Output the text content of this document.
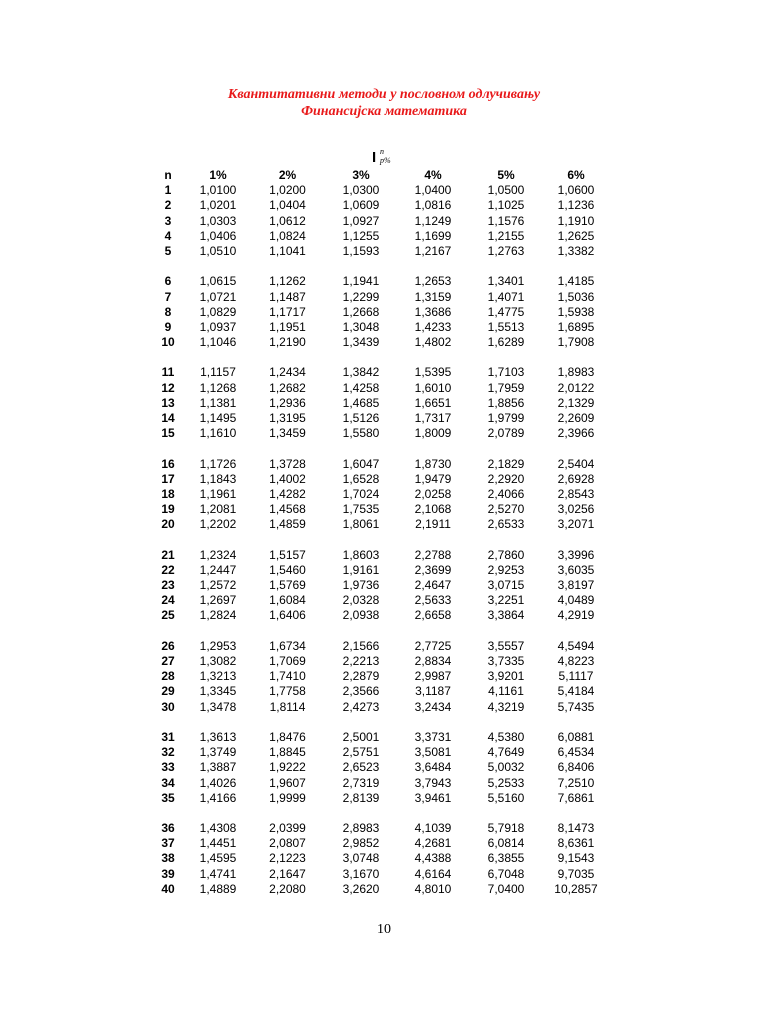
Квантитативни методи у пословном одлучивању
Финансијска математика
I n
p%
n	1%	2%	3%	4%	5%	6%
1	1,0100	1,0200	1,0300	1,0400	1,0500	1,0600
2	1,0201	1,0404	1,0609	1,0816	1,1025	1,1236
3	1,0303	1,0612	1,0927	1,1249	1,1576	1,1910
4	1,0406	1,0824	1,1255	1,1699	1,2155	1,2625
5	1,0510	1,1041	1,1593	1,2167	1,2763	1,3382
6	1,0615	1,1262	1,1941	1,2653	1,3401	1,4185
7	1,0721	1,1487	1,2299	1,3159	1,4071	1,5036
8	1,0829	1,1717	1,2668	1,3686	1,4775	1,5938
9	1,0937	1,1951	1,3048	1,4233	1,5513	1,6895
10	1,1046	1,2190	1,3439	1,4802	1,6289	1,7908
11	1,1157	1,2434	1,3842	1,5395	1,7103	1,8983
12	1,1268	1,2682	1,4258	1,6010	1,7959	2,0122
13	1,1381	1,2936	1,4685	1,6651	1,8856	2,1329
14	1,1495	1,3195	1,5126	1,7317	1,9799	2,2609
15	1,1610	1,3459	1,5580	1,8009	2,0789	2,3966
16	1,1726	1,3728	1,6047	1,8730	2,1829	2,5404
17	1,1843	1,4002	1,6528	1,9479	2,2920	2,6928
18	1,1961	1,4282	1,7024	2,0258	2,4066	2,8543
19	1,2081	1,4568	1,7535	2,1068	2,5270	3,0256
20	1,2202	1,4859	1,8061	2,1911	2,6533	3,2071
21	1,2324	1,5157	1,8603	2,2788	2,7860	3,3996
22	1,2447	1,5460	1,9161	2,3699	2,9253	3,6035
23	1,2572	1,5769	1,9736	2,4647	3,0715	3,8197
24	1,2697	1,6084	2,0328	2,5633	3,2251	4,0489
25	1,2824	1,6406	2,0938	2,6658	3,3864	4,2919
26	1,2953	1,6734	2,1566	2,7725	3,5557	4,5494
27	1,3082	1,7069	2,2213	2,8834	3,7335	4,8223
28	1,3213	1,7410	2,2879	2,9987	3,9201	5,1117
29	1,3345	1,7758	2,3566	3,1187	4,1161	5,4184
30	1,3478	1,8114	2,4273	3,2434	4,3219	5,7435
31	1,3613	1,8476	2,5001	3,3731	4,5380	6,0881
32	1,3749	1,8845	2,5751	3,5081	4,7649	6,4534
33	1,3887	1,9222	2,6523	3,6484	5,0032	6,8406
34	1,4026	1,9607	2,7319	3,7943	5,2533	7,2510
35	1,4166	1,9999	2,8139	3,9461	5,5160	7,6861
36	1,4308	2,0399	2,8983	4,1039	5,7918	8,1473
37	1,4451	2,0807	2,9852	4,2681	6,0814	8,6361
38	1,4595	2,1223	3,0748	4,4388	6,3855	9,1543
39	1,4741	2,1647	3,1670	4,6164	6,7048	9,7035
40	1,4889	2,2080	3,2620	4,8010	7,0400	10,2857
10
